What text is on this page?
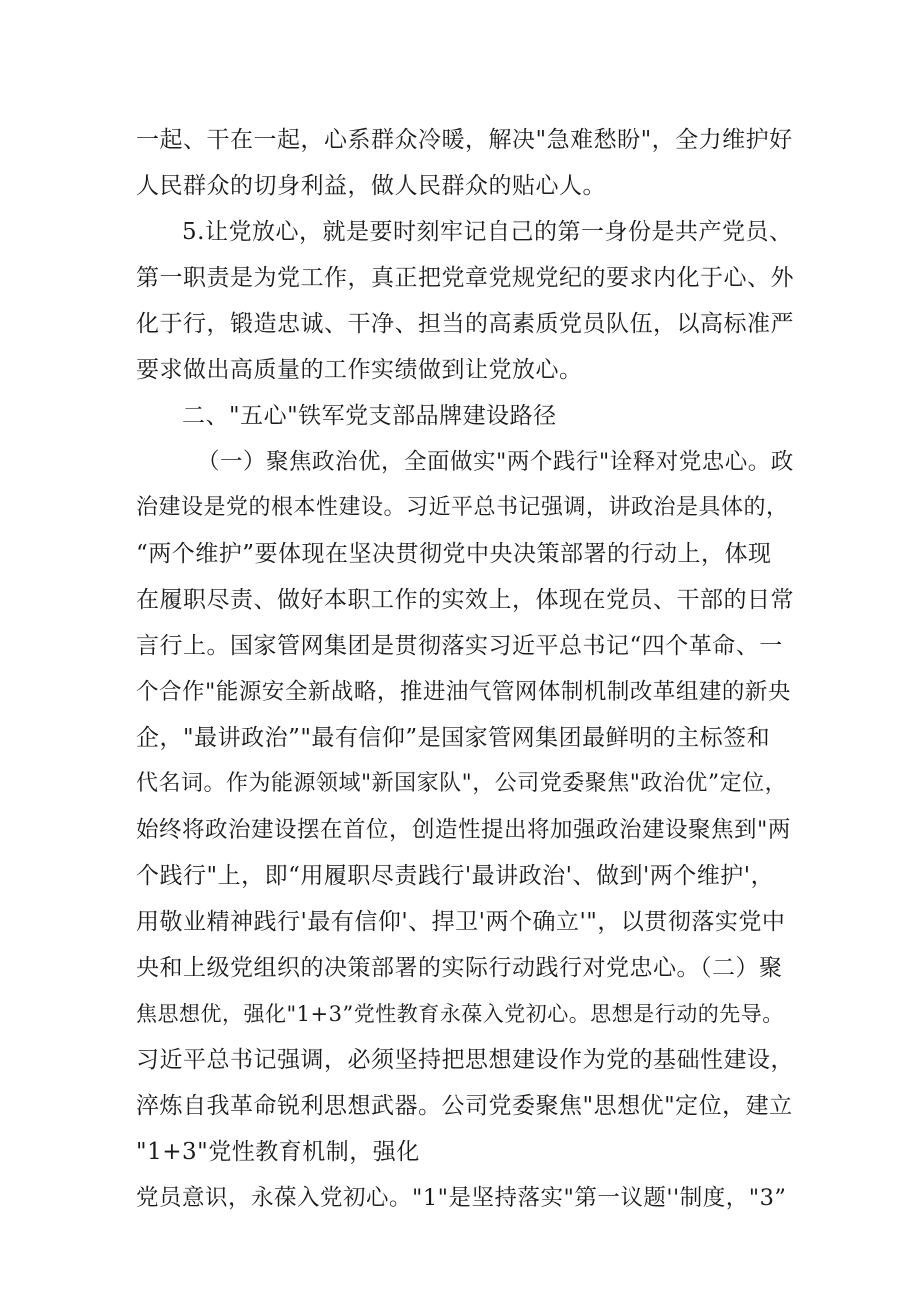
一起、干在一起，心系群众冷暖，解决"急难愁盼"，全力维护好
人民群众的切身利益，做人民群众的贴心人。
5.让党放心，就是要时刻牢记自己的第一身份是共产党员、
第一职责是为党工作，真正把党章党规党纪的要求内化于心、外
化于行，锻造忠诚、干净、担当的高素质党员队伍，以高标准严
要求做出高质量的工作实绩做到让党放心。
二、"五心"铁军党支部品牌建设路径
（一）聚焦政治优，全面做实"两个践行"诠释对党忠心。政
治建设是党的根本性建设。习近平总书记强调，讲政治是具体的，
“两个维护”要体现在坚决贯彻党中央决策部署的行动上，体现
在履职尽责、做好本职工作的实效上，体现在党员、干部的日常
言行上。国家管网集团是贯彻落实习近平总书记“四个革命、一
个合作"能源安全新战略，推进油气管网体制机制改革组建的新央
企，"最讲政治”"最有信仰”是国家管网集团最鲜明的主标签和
代名词。作为能源领域"新国家队"，公司党委聚焦"政治优”定位，
始终将政治建设摆在首位，创造性提出将加强政治建设聚焦到"两
个践行"上，即“用履职尽责践行'最讲政治'、做到'两个维护'，
用敬业精神践行'最有信仰'、捍卫'两个确立'"，以贯彻落实党中
央和上级党组织的决策部署的实际行动践行对党忠心。（二）聚
焦思想优，强化"1+3”党性教育永葆入党初心。思想是行动的先导。
习近平总书记强调，必须坚持把思想建设作为党的基础性建设，
淬炼自我革命锐利思想武器。公司党委聚焦"思想优"定位，建立
"1+3"党性教育机制，强化
党员意识，永葆入党初心。"1"是坚持落实"第一议题''制度，"3”
